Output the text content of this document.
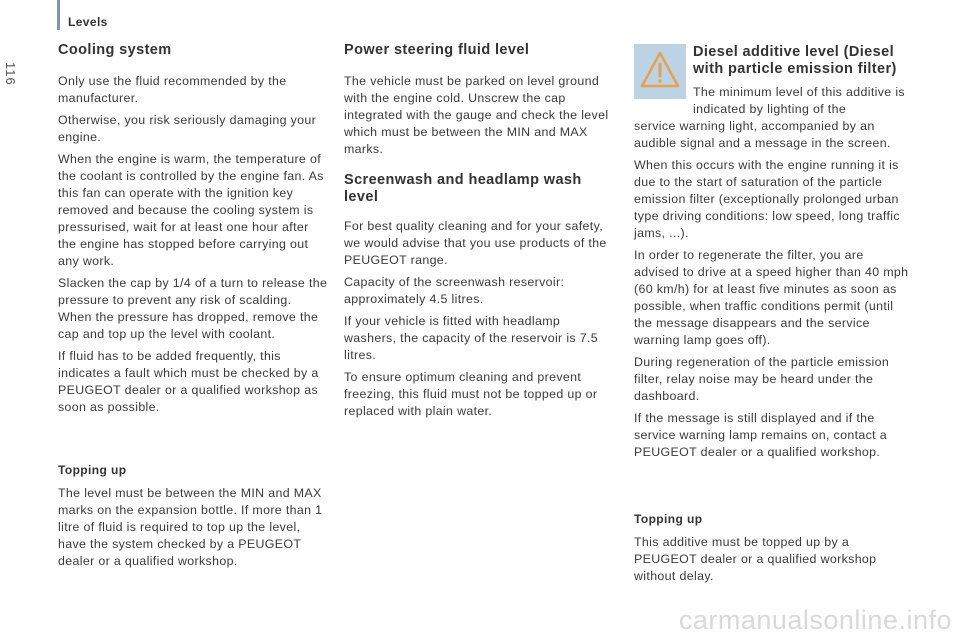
Levels
116
Cooling system

Only use the fluid recommended by the manufacturer.

Otherwise, you risk seriously damaging your engine.

When the engine is warm, the temperature of the coolant is controlled by the engine fan. As this fan can operate with the ignition key removed and because the cooling system is pressurised, wait for at least one hour after the engine has stopped before carrying out any work.

Slacken the cap by 1/4 of a turn to release the pressure to prevent any risk of scalding. When the pressure has dropped, remove the cap and top up the level with coolant.

If fluid has to be added frequently, this indicates a fault which must be checked by a PEUGEOT dealer or a qualified workshop as soon as possible.

Topping up

The level must be between the MIN and MAX marks on the expansion bottle. If more than 1 litre of fluid is required to top up the level, have the system checked by a PEUGEOT dealer or a qualified workshop.

Power steering fluid level

The vehicle must be parked on level ground with the engine cold. Unscrew the cap integrated with the gauge and check the level which must be between the MIN and MAX marks.

Screenwash and headlamp wash level

For best quality cleaning and for your safety, we would advise that you use products of the PEUGEOT range.

Capacity of the screenwash reservoir: approximately 4.5 litres.

If your vehicle is fitted with headlamp washers, the capacity of the reservoir is 7.5 litres.

To ensure optimum cleaning and prevent freezing, this fluid must not be topped up or replaced with plain water.

Diesel additive level (Diesel with particle emission filter)

The minimum level of this additive is indicated by lighting of the

service warning light, accompanied by an audible signal and a message in the screen.

When this occurs with the engine running it is due to the start of saturation of the particle emission filter (exceptionally prolonged urban type driving conditions: low speed, long traffic jams, ...).

In order to regenerate the filter, you are advised to drive at a speed higher than 40 mph (60 km/h) for at least five minutes as soon as possible, when traffic conditions permit (until the message disappears and the service warning lamp goes off).

During regeneration of the particle emission filter, relay noise may be heard under the dashboard.

If the message is still displayed and if the service warning lamp remains on, contact a PEUGEOT dealer or a qualified workshop.

Topping up

This additive must be topped up by a PEUGEOT dealer or a qualified workshop without delay.

carmanualsonline.info
